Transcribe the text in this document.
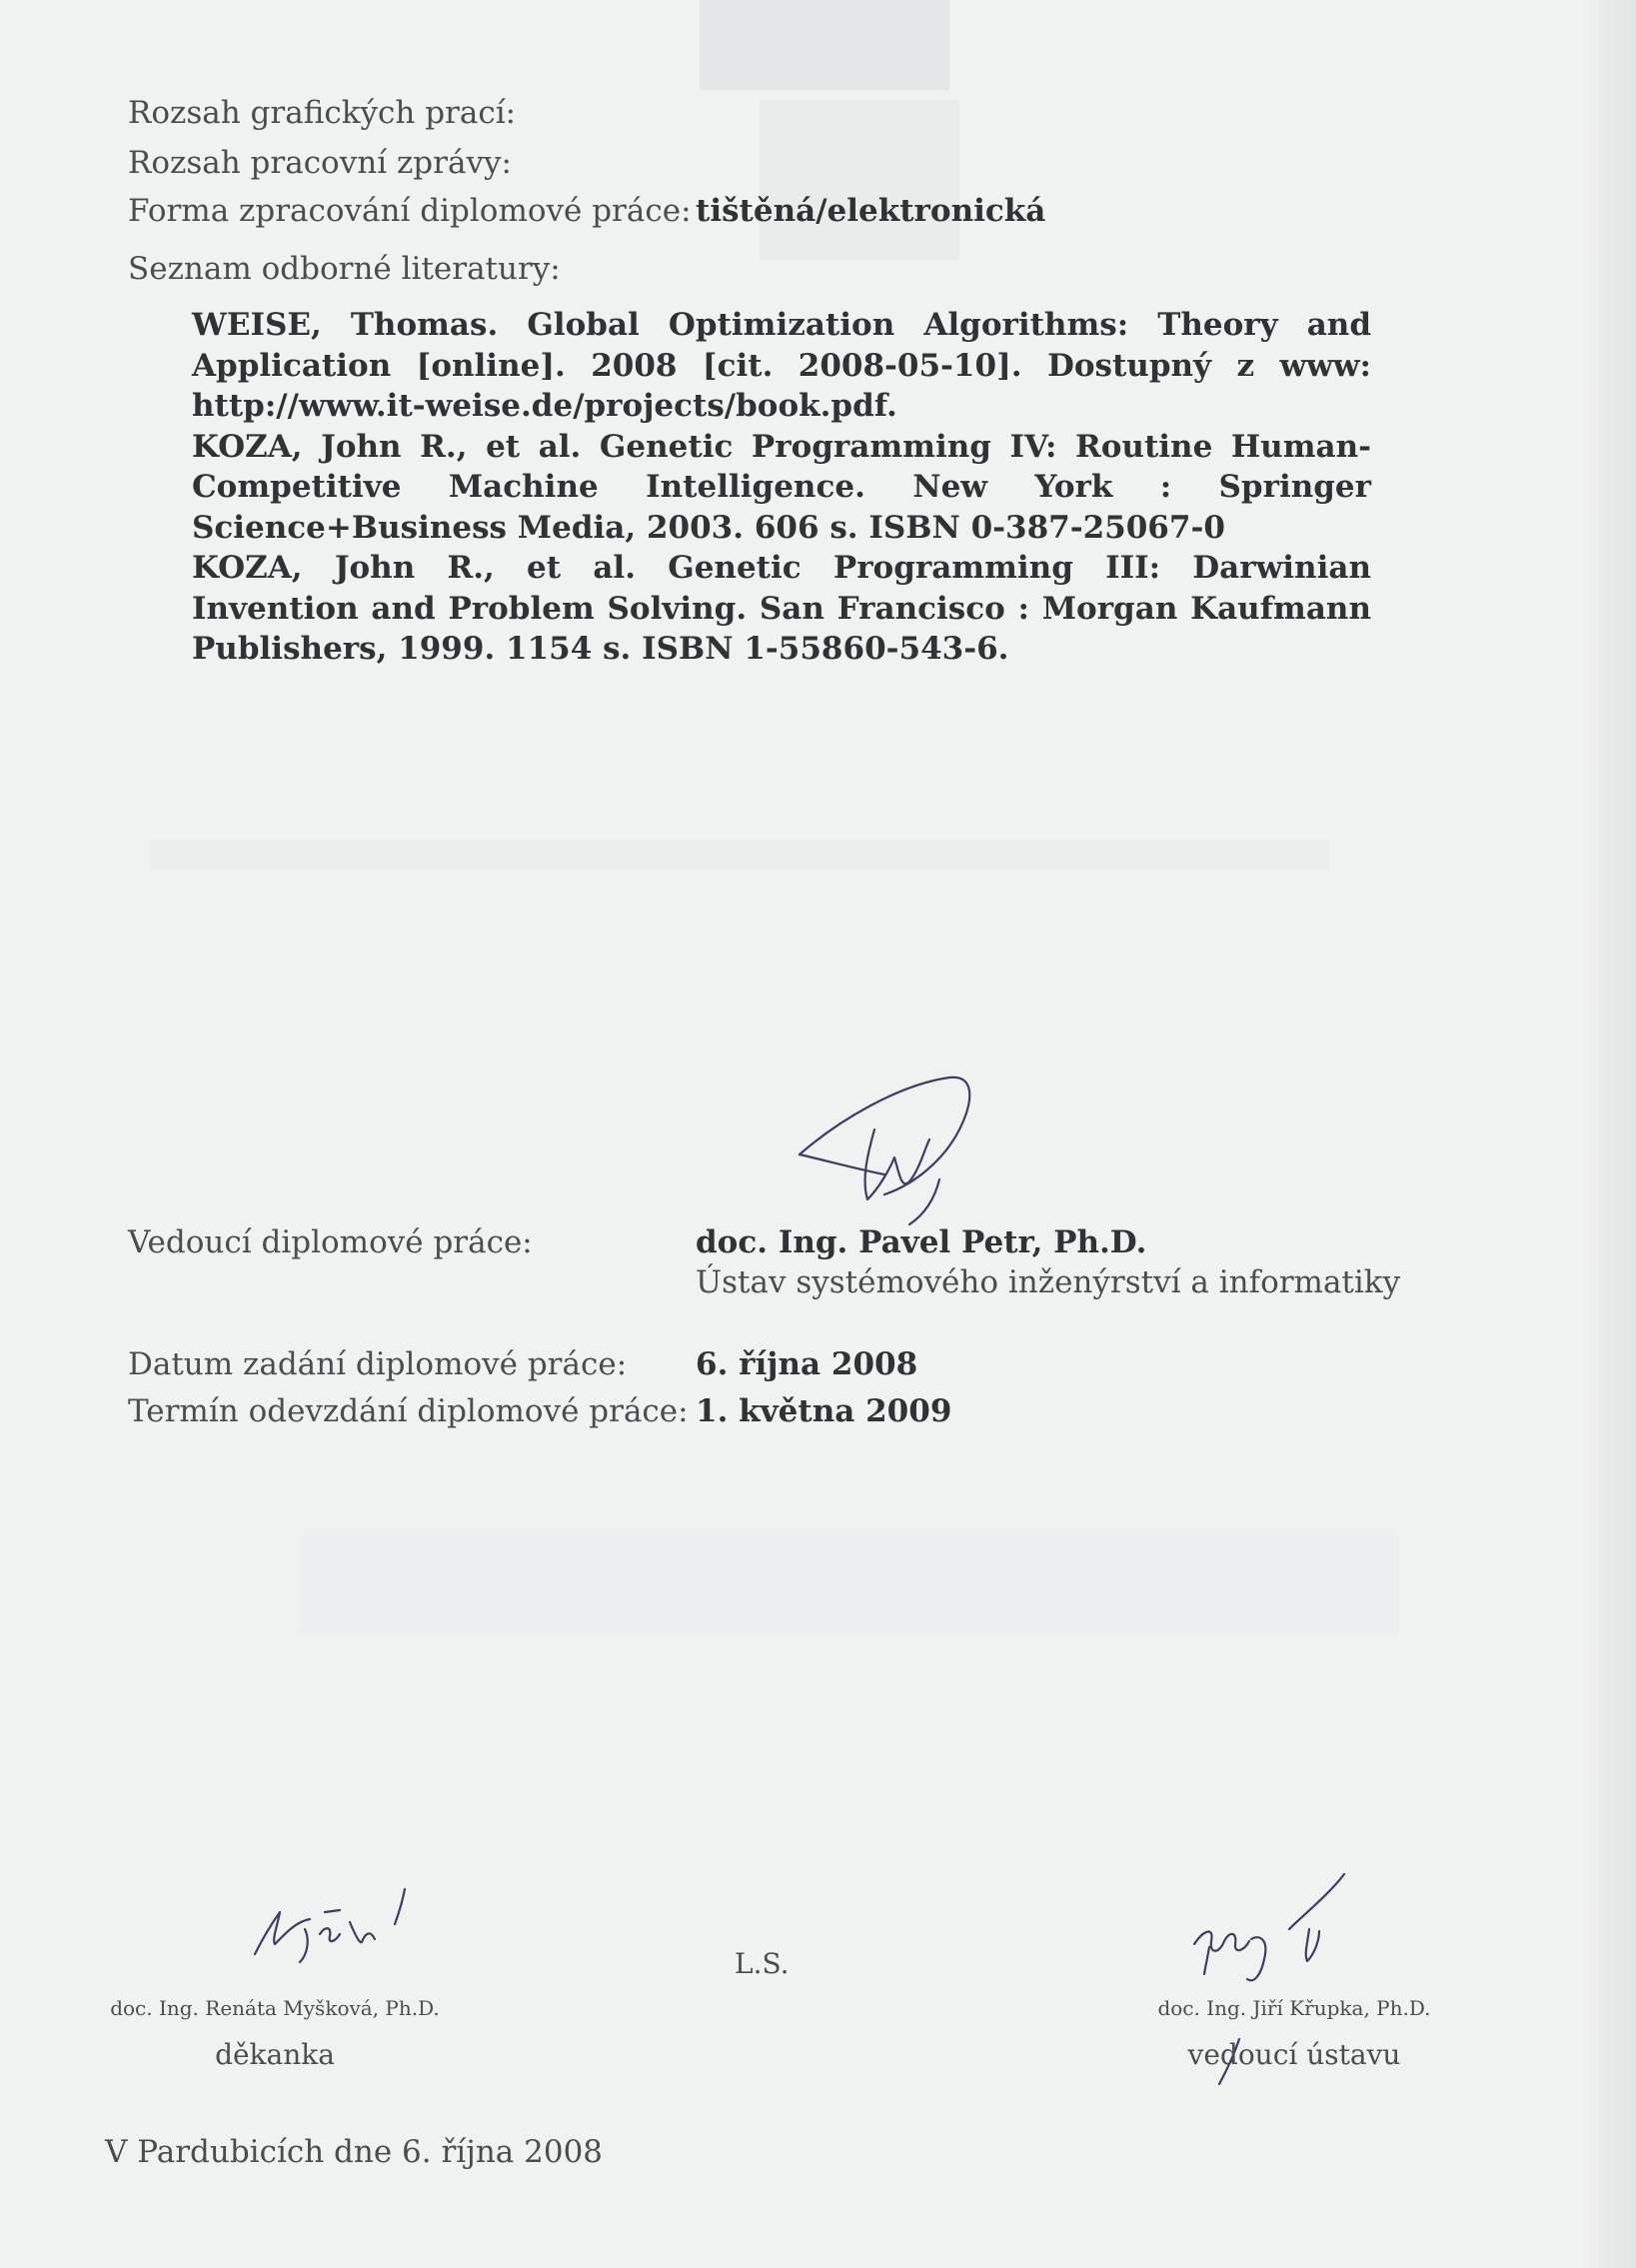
Rozsah grafických prací:
Rozsah pracovní zprávy:
Forma zpracování diplomové práce: tištěná/elektronická
Seznam odborné literatury:
WEISE, Thomas. Global Optimization Algorithms: Theory and Application [online]. 2008 [cit. 2008-05-10]. Dostupný z www: http://www.it-weise.de/projects/book.pdf.
KOZA, John R., et al. Genetic Programming IV: Routine Human-Competitive Machine Intelligence. New York : Springer Science+Business Media, 2003. 606 s. ISBN 0-387-25067-0
KOZA, John R., et al. Genetic Programming III: Darwinian Invention and Problem Solving. San Francisco : Morgan Kaufmann Publishers, 1999. 1154 s. ISBN 1-55860-543-6.
Vedoucí diplomové práce:	doc. Ing. Pavel Petr, Ph.D.
Ústav systémového inženýrství a informatiky
Datum zadání diplomové práce: 6. října 2008
Termín odevzdání diplomové práce: 1. května 2009
doc. Ing. Renáta Myšková, Ph.D.
děkanka
L.S.
doc. Ing. Jiří Křupka, Ph.D.
vedoucí ústavu
V Pardubicích dne 6. října 2008
